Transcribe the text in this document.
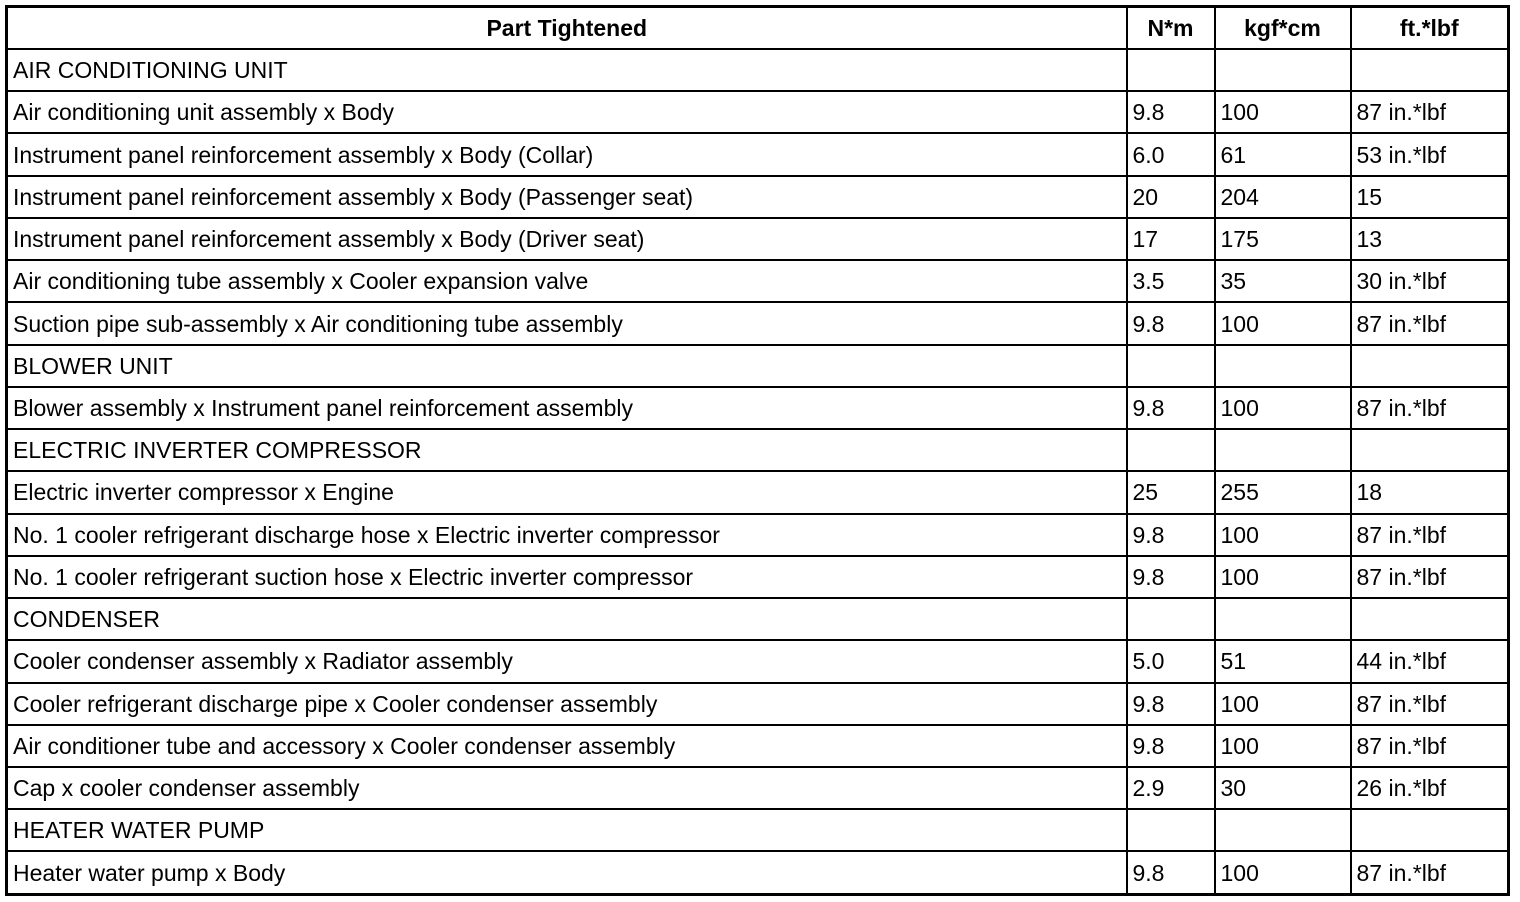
Part Tightened	N*m	kgf*cm	ft.*lbf
AIR CONDITIONING UNIT			
Air conditioning unit assembly x Body	9.8	100	87 in.*lbf
Instrument panel reinforcement assembly x Body (Collar)	6.0	61	53 in.*lbf
Instrument panel reinforcement assembly x Body (Passenger seat)	20	204	15
Instrument panel reinforcement assembly x Body (Driver seat)	17	175	13
Air conditioning tube assembly x Cooler expansion valve	3.5	35	30 in.*lbf
Suction pipe sub-assembly x Air conditioning tube assembly	9.8	100	87 in.*lbf
BLOWER UNIT			
Blower assembly x Instrument panel reinforcement assembly	9.8	100	87 in.*lbf
ELECTRIC INVERTER COMPRESSOR			
Electric inverter compressor x Engine	25	255	18
No. 1 cooler refrigerant discharge hose x Electric inverter compressor	9.8	100	87 in.*lbf
No. 1 cooler refrigerant suction hose x Electric inverter compressor	9.8	100	87 in.*lbf
CONDENSER			
Cooler condenser assembly x Radiator assembly	5.0	51	44 in.*lbf
Cooler refrigerant discharge pipe x Cooler condenser assembly	9.8	100	87 in.*lbf
Air conditioner tube and accessory x Cooler condenser assembly	9.8	100	87 in.*lbf
Cap x cooler condenser assembly	2.9	30	26 in.*lbf
HEATER WATER PUMP			
Heater water pump x Body	9.8	100	87 in.*lbf
